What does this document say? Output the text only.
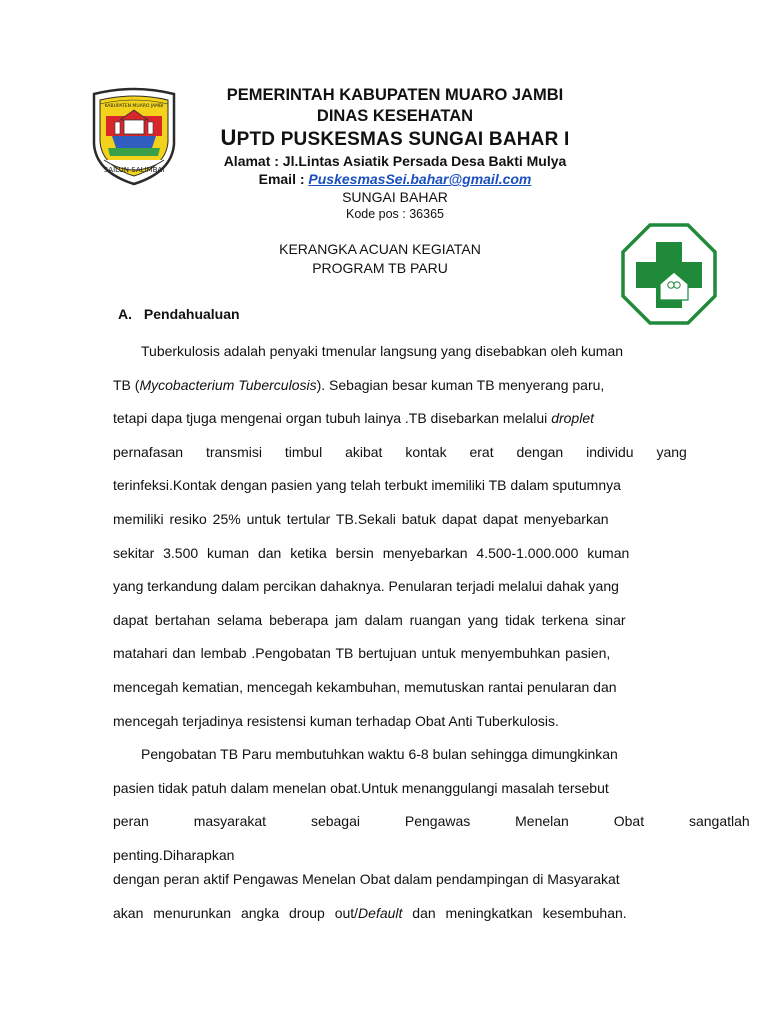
KABUPATEN MUARO JAMBI
SAILUN SALIMBAI
PEMERINTAH KABUPATEN MUARO JAMBI
DINAS KESEHATAN
UPTD PUSKESMAS SUNGAI BAHAR I
Alamat : Jl.Lintas Asiatik Persada Desa Bakti Mulya
Email : PuskesmasSei.bahar@gmail.com
SUNGAI BAHAR
Kode pos : 36365
KERANGKA ACUAN KEGIATAN
PROGRAM TB PARU
A. Pendahualuan
Tuberkulosis adalah penyaki tmenular langsung yang disebabkan oleh kuman
TB (Mycobacterium Tuberculosis). Sebagian besar kuman TB menyerang paru,
tetapi dapa tjuga mengenai organ tubuh lainya .TB disebarkan melalui droplet
pernafasan transmisi timbul akibat kontak erat dengan individu yang
terinfeksi.Kontak dengan pasien yang telah terbukt imemiliki TB dalam sputumnya
memiliki resiko 25% untuk tertular TB.Sekali batuk dapat dapat menyebarkan
sekitar 3.500 kuman dan ketika bersin menyebarkan 4.500-1.000.000 kuman
yang terkandung dalam percikan dahaknya. Penularan terjadi melalui dahak yang
dapat bertahan selama beberapa jam dalam ruangan yang tidak terkena sinar
matahari dan lembab .Pengobatan TB bertujuan untuk menyembuhkan pasien,
mencegah kematian, mencegah kekambuhan, memutuskan rantai penularan dan
mencegah terjadinya resistensi kuman terhadap Obat Anti Tuberkulosis.
Pengobatan TB Paru membutuhkan waktu 6-8 bulan sehingga dimungkinkan
pasien tidak patuh dalam menelan obat.Untuk menanggulangi masalah tersebut
peran masyarakat sebagai Pengawas Menelan Obat sangatlah
penting.Diharapkan
dengan peran aktif Pengawas Menelan Obat dalam pendampingan di Masyarakat
akan menurunkan angka droup out/Default dan meningkatkan kesembuhan.
